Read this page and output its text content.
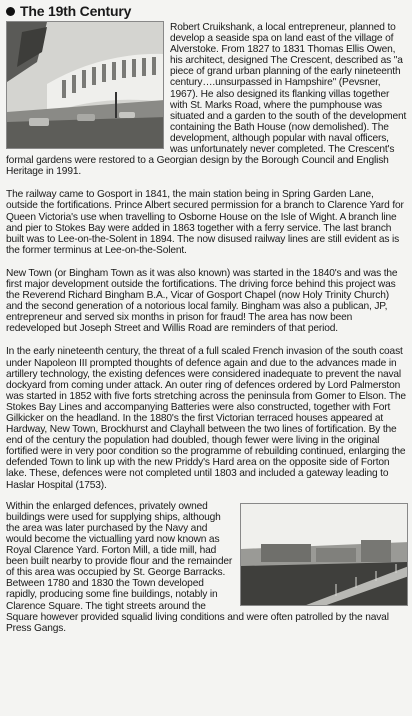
The 19th Century

Robert Cruikshank, a local entrepreneur, planned to develop a seaside spa on land east of the village of Alverstoke. From 1827 to 1831 Thomas Ellis Owen, his architect, designed The Crescent, described as "a piece of grand urban planning of the early nineteenth century….unsurpassed in Hampshire" (Pevsner, 1967). He also designed its flanking villas together with St. Marks Road, where the pumphouse was situated and a garden to the south of the development containing the Bath House (now demolished). The development, although popular with naval officers, was unfortunately never completed. The Crescent's formal gardens were restored to a Georgian design by the Borough Council and English Heritage in 1991.

The railway came to Gosport in 1841, the main station being in Spring Garden Lane, outside the fortifications. Prince Albert secured permission for a branch to Clarence Yard for Queen Victoria's use when travelling to Osborne House on the Isle of Wight. A branch line and pier to Stokes Bay were added in 1863 together with a ferry service. The last branch built was to Lee-on-the-Solent in 1894. The now disused railway lines are still evident as is the former terminus at Lee-on-the-Solent.

New Town (or Bingham Town as it was also known) was started in the 1840's and was the first major development outside the fortifications. The driving force behind this project was the Reverend Richard Bingham B.A., Vicar of Gosport Chapel (now Holy Trinity Church) and the second generation of a notorious local family. Bingham was also a publican, JP, entrepreneur and served six months in prison for fraud! The area has now been redeveloped but Joseph Street and Willis Road are reminders of that period.

In the early nineteenth century, the threat of a full scaled French invasion of the south coast under Napoleon III prompted thoughts of defence again and due to the advances made in artillery technology, the existing defences were considered inadequate to prevent the naval dockyard from coming under attack. An outer ring of defences ordered by Lord Palmerston was started in 1852 with five forts stretching across the peninsula from Gomer to Elson. The Stokes Bay Lines and accompanying Batteries were also constructed, together with Fort Gilkicker on the headland. In the 1880's the first Victorian terraced houses appeared at Hardway, New Town, Brockhurst and Clayhall between the two lines of fortification. By the end of the century the population had doubled, though fewer were living in the original fortified were in very poor condition so the programme of rebuilding continued, enlarging the defended Town to link up with the new Priddy's Hard area on the opposite side of Forton lake. These, defences were not completed until 1803 and included a gateway leading to Haslar Hospital (1753).

Within the enlarged defences, privately owned buildings were used for supplying ships, although the area was later purchased by the Navy and would become the victualling yard now known as Royal Clarence Yard. Forton Mill, a tide mill, had been built nearby to provide flour and the remainder of this area was occupied by St. George Barracks. Between 1780 and 1830 the Town developed rapidly, producing some fine buildings, notably in Clarence Square. The tight streets around the Square however provided squalid living conditions and were often patrolled by the naval Press Gangs.
